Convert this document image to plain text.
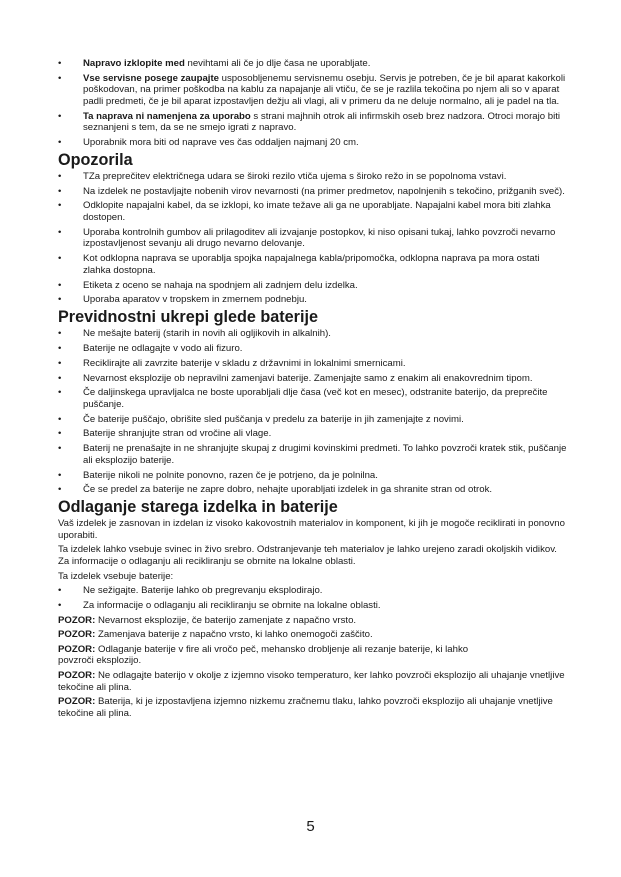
• Napravo izklopite med nevihtami ali če jo dlje časa ne uporabljate.
• Vse servisne posege zaupajte usposobljenemu servisnemu osebju. Servis je potreben, če je bil aparat kakorkoli poškodovan, na primer poškodba na kablu za napajanje ali vtiču, če se je razlila tekočina po njem ali so v aparat padli predmeti, če je bil aparat izpostavljen dežju ali vlagi, ali v primeru da ne deluje normalno, ali je padel na tla.
• Ta naprava ni namenjena za uporabo s strani majhnih otrok ali infirmskih oseb brez nadzora. Otroci morajo biti seznanjeni s tem, da se ne smejo igrati z napravo.
• Uporabnik mora biti od naprave ves čas oddaljen najmanj 20 cm.
Opozorila
• TZa preprečitev električnega udara se široki rezilo vtiča ujema s široko režo in se popolnoma vstavi.
• Na izdelek ne postavljajte nobenih virov nevarnosti (na primer predmetov, napolnjenih s tekočino, prižganih sveč).
• Odklopite napajalni kabel, da se izklopi, ko imate težave ali ga ne uporabljate. Napajalni kabel mora biti zlahka dostopen.
• Uporaba kontrolnih gumbov ali prilagoditev ali izvajanje postopkov, ki niso opisani tukaj, lahko povzroči nevarno izpostavljenost sevanju ali drugo nevarno delovanje.
• Kot odklopna naprava se uporablja spojka napajalnega kabla/pripomočka, odklopna naprava pa mora ostati zlahka dostopna.
• Etiketa z oceno se nahaja na spodnjem ali zadnjem delu izdelka.
• Uporaba aparatov v tropskem in zmernem podnebju.
Previdnostni ukrepi glede baterije
• Ne mešajte baterij (starih in novih ali ogljikovih in alkalnih).
• Baterije ne odlagajte v vodo ali fizuro.
• Reciklirajte ali zavrzite baterije v skladu z državnimi in lokalnimi smernicami.
• Nevarnost eksplozije ob nepravilni zamenjavi baterije. Zamenjajte samo z enakim ali enakovrednim tipom.
• Če daljinskega upravljalca ne boste uporabljali dlje časa (več kot en mesec), odstranite baterijo, da preprečite puščanje.
• Če baterije puščajo, obrišite sled puščanja v predelu za baterije in jih zamenjajte z novimi.
• Baterije shranjujte stran od vročine ali vlage.
• Baterij ne prenašajte in ne shranjujte skupaj z drugimi kovinskimi predmeti. To lahko povzroči kratek stik, puščanje ali eksplozijo baterije.
• Baterije nikoli ne polnite ponovno, razen če je potrjeno, da je polnilna.
• Če se predel za baterije ne zapre dobro, nehajte uporabljati izdelek in ga shranite stran od otrok.
Odlaganje starega izdelka in baterije
Vaš izdelek je zasnovan in izdelan iz visoko kakovostnih materialov in komponent, ki jih je mogoče reciklirati in ponovno uporabiti.
Ta izdelek lahko vsebuje svinec in živo srebro. Odstranjevanje teh materialov je lahko urejeno zaradi okoljskih vidikov. Za informacije o odlaganju ali recikliranju se obrnite na lokalne oblasti.
Ta izdelek vsebuje baterije:
• Ne sežigajte. Baterije lahko ob pregrevanju eksplodirajo.
• Za informacije o odlaganju ali recikliranju se obrnite na lokalne oblasti.
POZOR: Nevarnost eksplozije, če baterijo zamenjate z napačno vrsto.
POZOR: Zamenjava baterije z napačno vrsto, ki lahko onemogoči zaščito.
POZOR: Odlaganje baterije v fire ali vročo peč, mehansko drobljenje ali rezanje baterije, ki lahko povzroči eksplozijo.
POZOR: Ne odlagajte baterijo v okolje z izjemno visoko temperaturo, ker lahko povzroči eksplozijo ali uhajanje vnetljive tekočine ali plina.
POZOR: Baterija, ki je izpostavljena izjemno nizkemu zračnemu tlaku, lahko povzroči eksplozijo ali uhajanje vnetljive tekočine ali plina.
5
